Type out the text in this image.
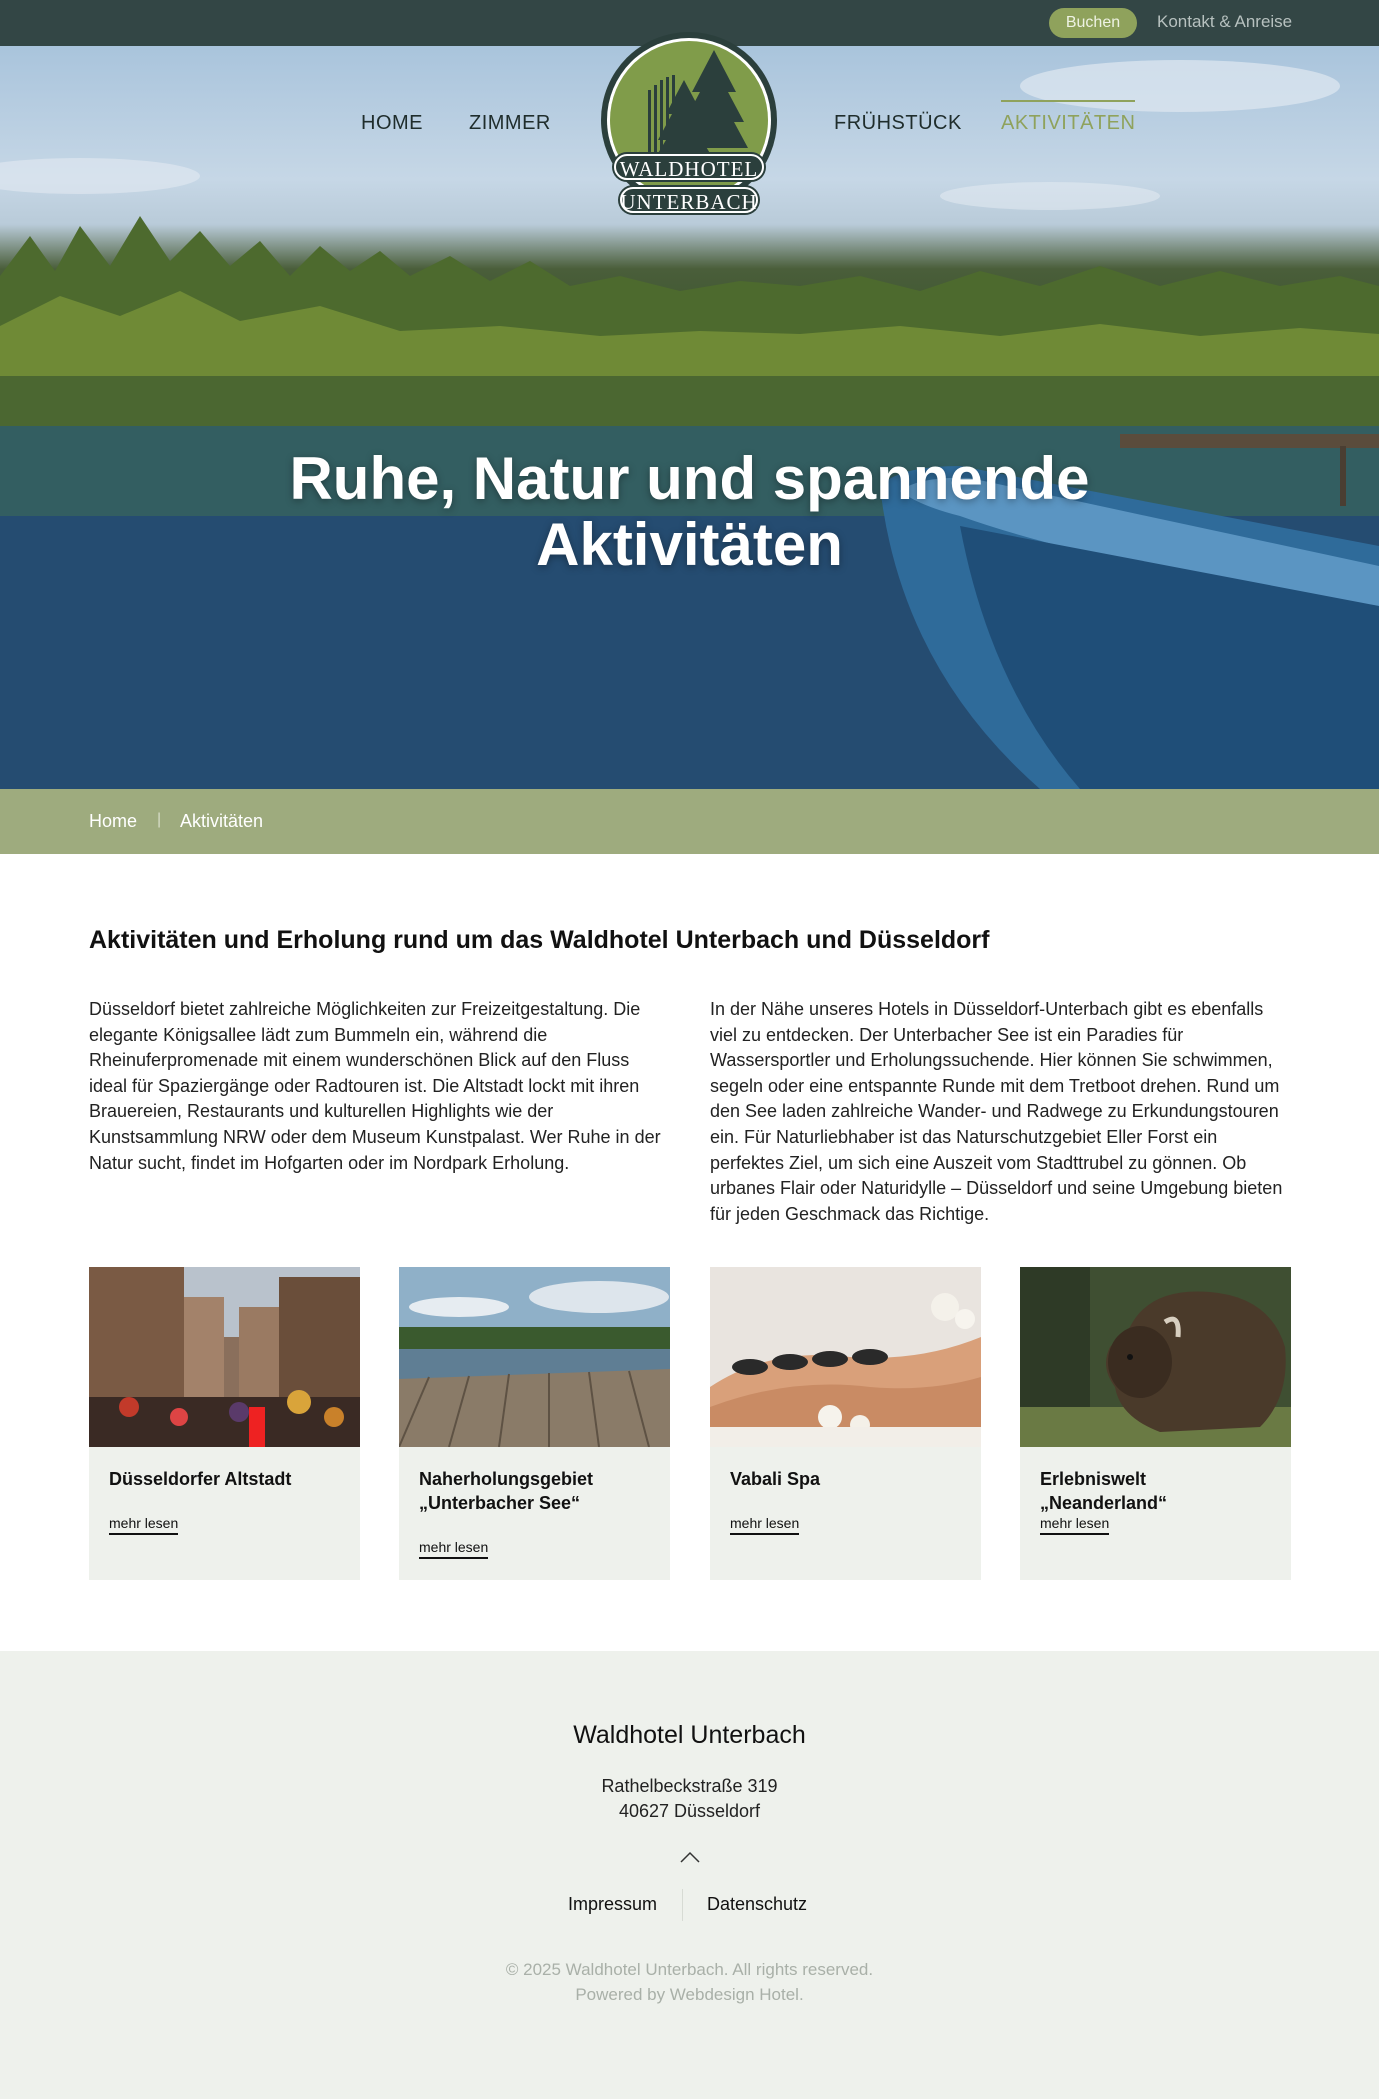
Buchen	Kontakt & Anreise
Ruhe, Natur und spannende
Aktivitäten
HOME ZIMMER	FRÜHSTÜCK AKTIVITÄTEN
WALDHOTEL
UNTERBACH
Home | Aktivitäten
Aktivitäten und Erholung rund um das Waldhotel Unterbach und Düsseldorf

Düsseldorf bietet zahlreiche Möglichkeiten zur Freizeitgestaltung. Die elegante Königsallee lädt zum Bummeln ein, während die Rheinuferpromenade mit einem wunderschönen Blick auf den Fluss ideal für Spaziergänge oder Radtouren ist. Die Altstadt lockt mit ihren Brauereien, Restaurants und kulturellen Highlights wie der Kunstsammlung NRW oder dem Museum Kunstpalast. Wer Ruhe in der Natur sucht, findet im Hofgarten oder im Nordpark Erholung.

In der Nähe unseres Hotels in Düsseldorf-Unterbach gibt es ebenfalls viel zu entdecken. Der Unterbacher See ist ein Paradies für Wassersportler und Erholungssuchende. Hier können Sie schwimmen, segeln oder eine entspannte Runde mit dem Tretboot drehen. Rund um den See laden zahlreiche Wander- und Radwege zu Erkundungstouren ein. Für Naturliebhaber ist das Naturschutzgebiet Eller Forst ein perfektes Ziel, um sich eine Auszeit vom Stadttrubel zu gönnen. Ob urbanes Flair oder Naturidylle – Düsseldorf und seine Umgebung bieten für jeden Geschmack das Richtige.

Düsseldorfer Altstadt
mehr lesen
Naherholungsgebiet „Unterbacher See“
mehr lesen
Vabali Spa
mehr lesen
Erlebniswelt „Neanderland“
mehr lesen
Waldhotel Unterbach
Rathelbeckstraße 319
40627 Düsseldorf
Impressum	Datenschutz
© 2025 Waldhotel Unterbach. All rights reserved.
Powered by Webdesign Hotel.
